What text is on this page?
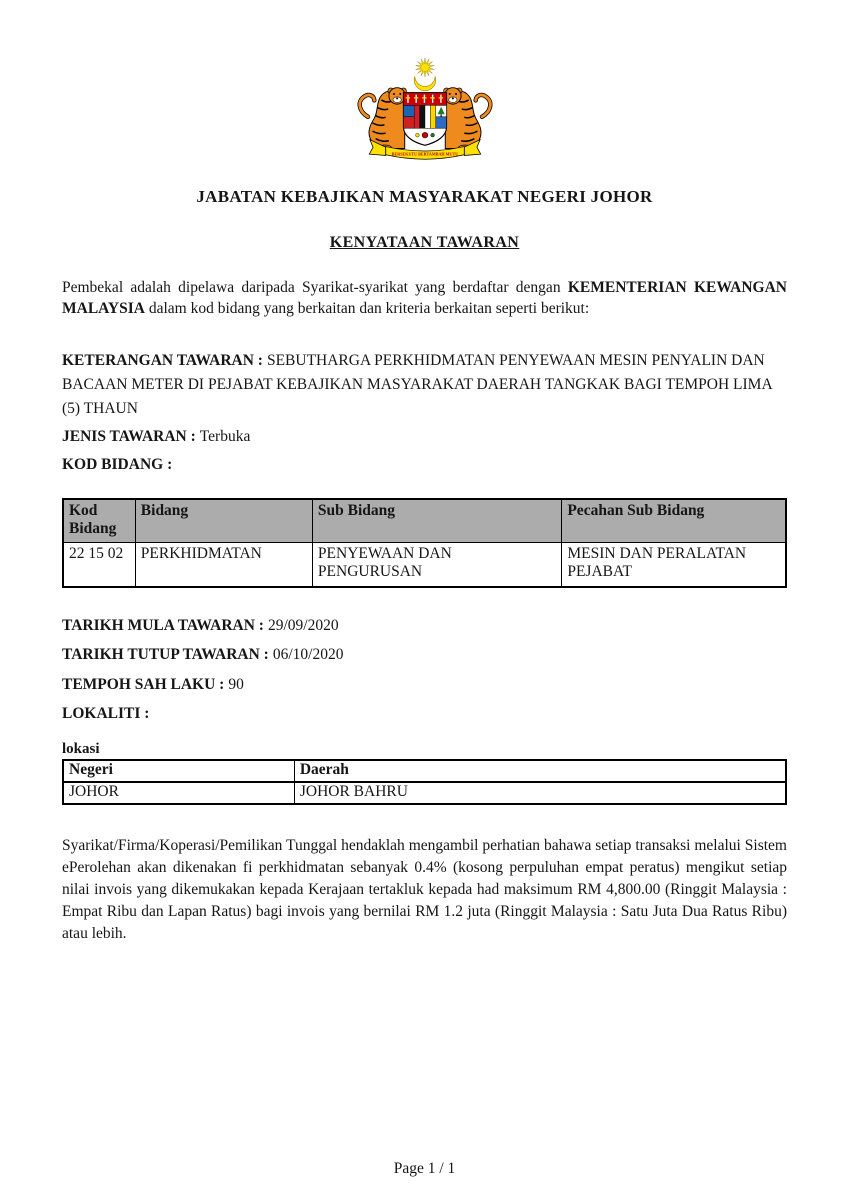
BERSEKUTU BERTAMBAH MUTU
JABATAN KEBAJIKAN MASYARAKAT NEGERI JOHOR
KENYATAAN TAWARAN

Pembekal adalah dipelawa daripada Syarikat-syarikat yang berdaftar dengan KEMENTERIAN KEWANGAN MALAYSIA dalam kod bidang yang berkaitan dan kriteria berkaitan seperti berikut:

KETERANGAN TAWARAN : SEBUTHARGA PERKHIDMATAN PENYEWAAN MESIN PENYALIN DAN BACAAN METER DI PEJABAT KEBAJIKAN MASYARAKAT DAERAH TANGKAK BAGI TEMPOH LIMA (5) THAUN

JENIS TAWARAN : Terbuka

KOD BIDANG :

Kod Bidang	Bidang	Sub Bidang	Pecahan Sub Bidang
22 15 02	PERKHIDMATAN	PENYEWAAN DAN PENGURUSAN	MESIN DAN PERALATAN PEJABAT

TARIKH MULA TAWARAN : 29/09/2020

TARIKH TUTUP TAWARAN : 06/10/2020

TEMPOH SAH LAKU : 90

LOKALITI :

lokasi

Negeri	Daerah
JOHOR	JOHOR BAHRU

Syarikat/Firma/Koperasi/Pemilikan Tunggal hendaklah mengambil perhatian bahawa setiap transaksi melalui Sistem ePerolehan akan dikenakan fi perkhidmatan sebanyak 0.4% (kosong perpuluhan empat peratus) mengikut setiap nilai invois yang dikemukakan kepada Kerajaan tertakluk kepada had maksimum RM 4,800.00 (Ringgit Malaysia : Empat Ribu dan Lapan Ratus) bagi invois yang bernilai RM 1.2 juta (Ringgit Malaysia : Satu Juta Dua Ratus Ribu) atau lebih.

Page 1 / 1
